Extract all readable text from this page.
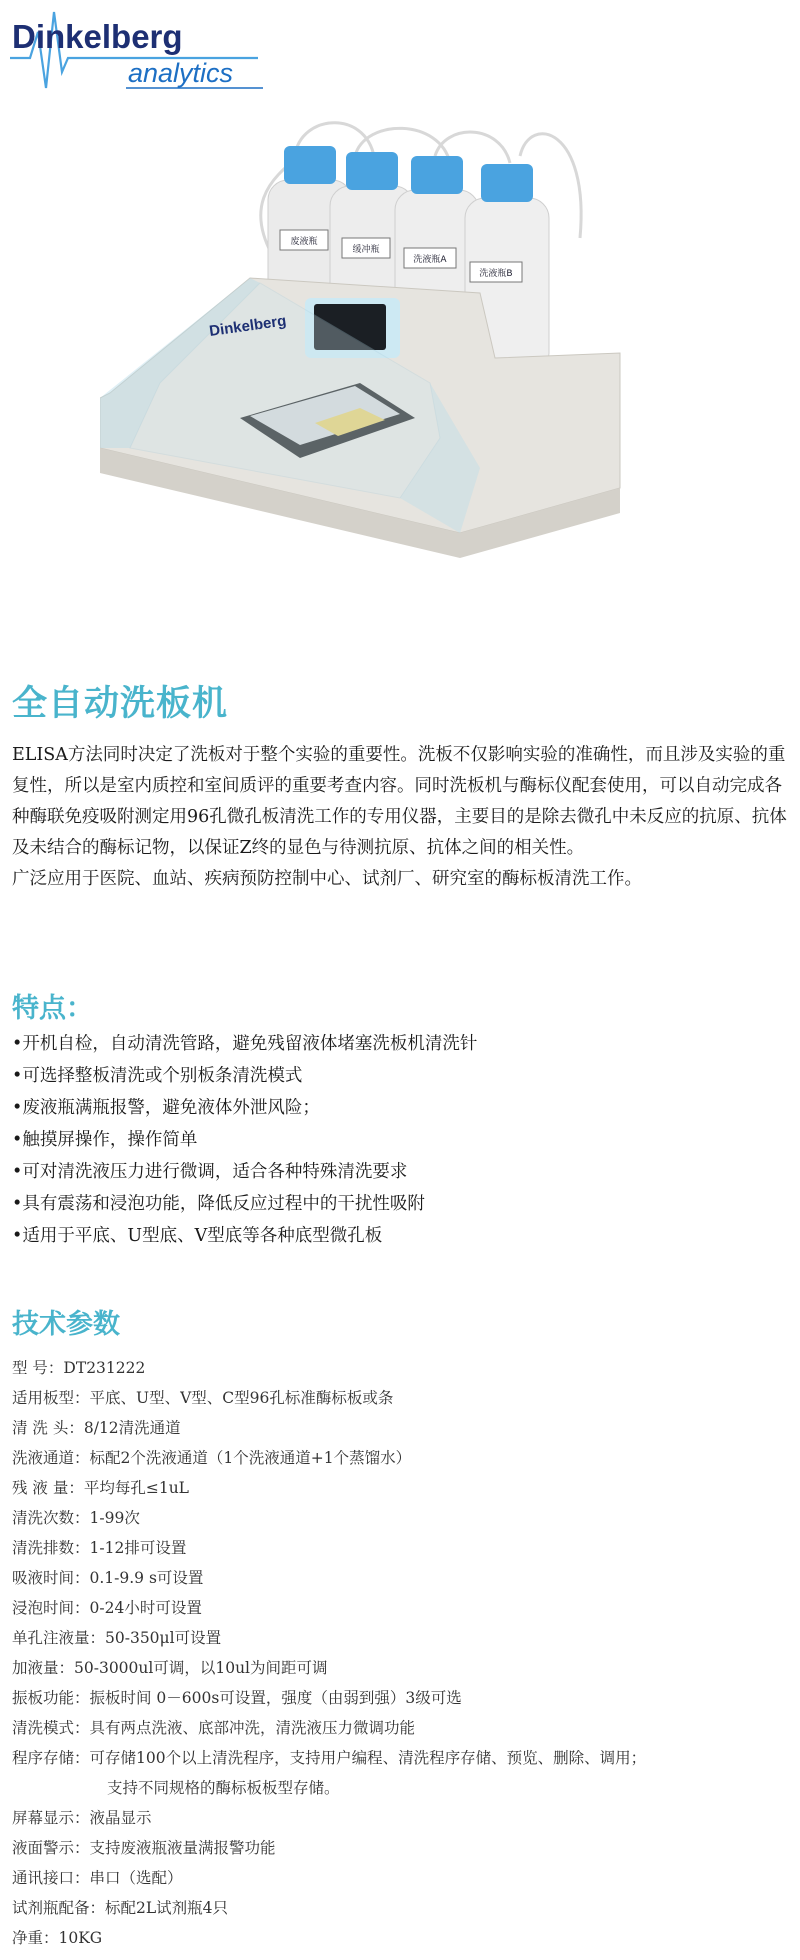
Dinkelberg
analytics
废液瓶
缓冲瓶
洗液瓶A
洗液瓶B
Dinkelberg
全自动洗板机

ELISA方法同时决定了洗板对于整个实验的重要性。洗板不仅影响实验的准确性，而且涉及实验的重复性，所以是室内质控和室间质评的重要考查内容。同时洗板机与酶标仪配套使用，可以自动完成各种酶联免疫吸附测定用96孔微孔板清洗工作的专用仪器，主要目的是除去微孔中未反应的抗原、抗体及未结合的酶标记物，以保证Z终的显色与待测抗原、抗体之间的相关性。

广泛应用于医院、血站、疾病预防控制中心、试剂厂、研究室的酶标板清洗工作。

特点：
•开机自检，自动清洗管路，避免残留液体堵塞洗板机清洗针
•可选择整板清洗或个别板条清洗模式
•废液瓶满瓶报警，避免液体外泄风险；
•触摸屏操作，操作简单
•可对清洗液压力进行微调，适合各种特殊清洗要求
•具有震荡和浸泡功能，降低反应过程中的干扰性吸附
•适用于平底、U型底、V型底等各种底型微孔板
技术参数
型 号：DT231222
适用板型：平底、U型、V型、C型96孔标准酶标板或条
清 洗 头：8/12清洗通道
洗液通道：标配2个洗液通道（1个洗液通道+1个蒸馏水）
残 液 量：平均每孔≤1uL
清洗次数：1-99次
清洗排数：1-12排可设置
吸液时间：0.1-9.9 s可设置
浸泡时间：0-24小时可设置
单孔注液量：50-350μl可设置
加液量：50-3000ul可调，以10ul为间距可调
振板功能：振板时间 0－600s可设置，强度（由弱到强）3级可选
清洗模式：具有两点洗液、底部冲洗，清洗液压力微调功能
程序存储：可存储100个以上清洗程序，支持用户编程、清洗程序存储、预览、删除、调用；
支持不同规格的酶标板板型存储。
屏幕显示：液晶显示
液面警示：支持废液瓶液量满报警功能
通讯接口：串口（选配）
试剂瓶配备：标配2L试剂瓶4只
净重：10KG
